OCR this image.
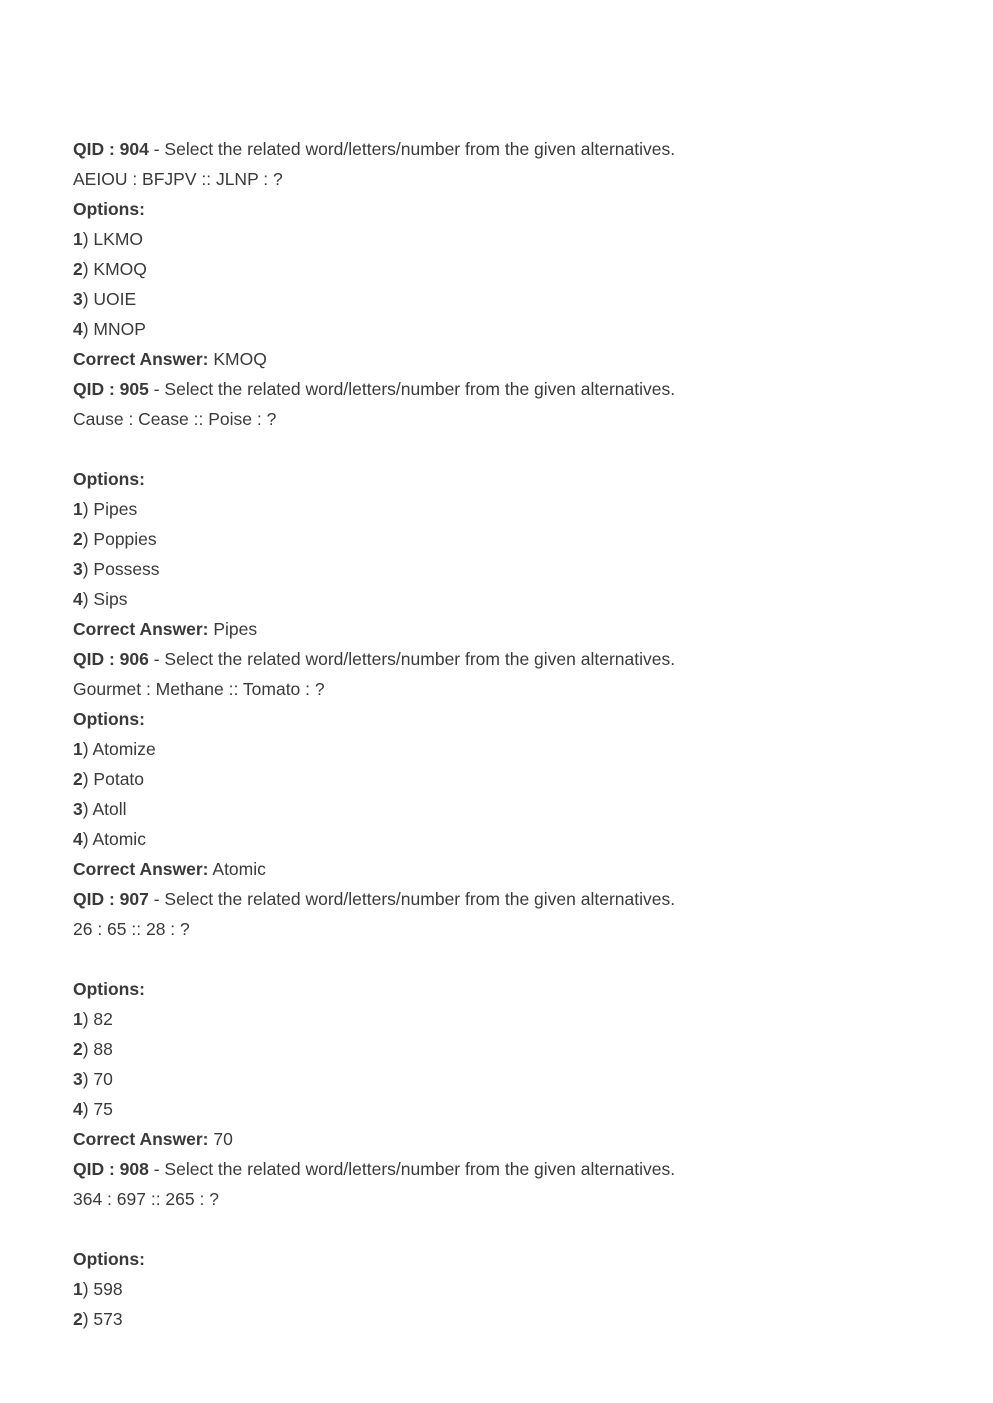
QID : 904 - Select the related word/letters/number from the given alternatives.
AEIOU : BFJPV :: JLNP : ?
Options:
1) LKMO
2) KMOQ
3) UOIE
4) MNOP
Correct Answer: KMOQ
QID : 905 - Select the related word/letters/number from the given alternatives.
Cause : Cease :: Poise : ?
Options:
1) Pipes
2) Poppies
3) Possess
4) Sips
Correct Answer: Pipes
QID : 906 - Select the related word/letters/number from the given alternatives.
Gourmet : Methane :: Tomato : ?
Options:
1) Atomize
2) Potato
3) Atoll
4) Atomic
Correct Answer: Atomic
QID : 907 - Select the related word/letters/number from the given alternatives.
26 : 65 :: 28 : ?
Options:
1) 82
2) 88
3) 70
4) 75
Correct Answer: 70
QID : 908 - Select the related word/letters/number from the given alternatives.
364 : 697 :: 265 : ?
Options:
1) 598
2) 573
